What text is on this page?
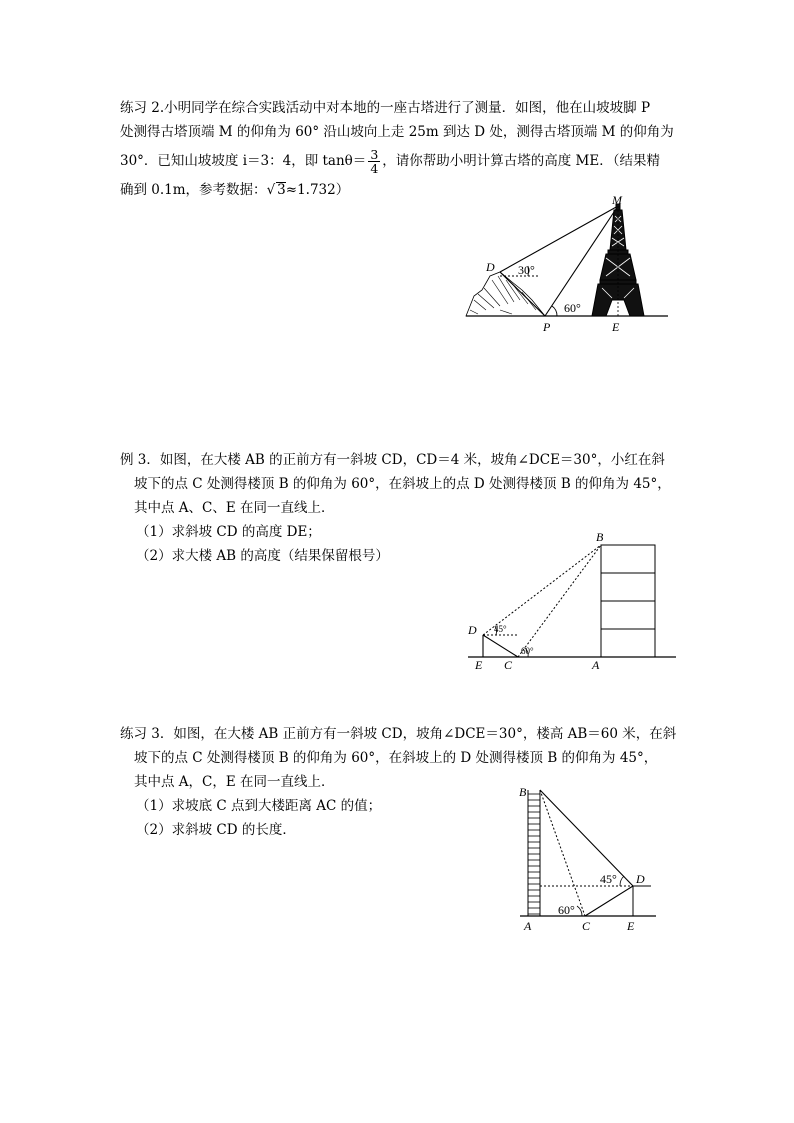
练习 2.小明同学在综合实践活动中对本地的一座古塔进行了测量．如图，他在山坡坡脚 P

处测得古塔顶端 M 的仰角为 60° 沿山坡向上走 25m 到达 D 处，测得古塔顶端 M 的仰角为

30°．已知山坡坡度 i＝3：4，即 $\tan\theta= \frac{3}{4}$ ，请你帮助小明计算古塔的高度 ME．（结果精

确到 0.1m，参考数据：√ 3≈1.732）

M
D
P	E
30°
60°

例 3．如图，在大楼 AB 的正前方有一斜坡 CD，CD＝4 米，坡角∠DCE＝30°，小红在斜

坡下的点 C 处测得楼顶 B 的仰角为 60°，在斜坡上的点 D 处测得楼顶 B 的仰角为 45°，

其中点 A、C、E 在同一直线上．

（1）求斜坡 CD 的高度 DE；

（2）求大楼 AB 的高度（结果保留根号）

B
D
E C	A
45°
60°

练习 3．如图，在大楼 AB 正前方有一斜坡 CD，坡角∠DCE＝30°，楼高 AB＝60 米，在斜

坡下的点 C 处测得楼顶 B 的仰角为 60°，在斜坡上的 D 处测得楼顶 B 的仰角为 45°，

其中点 A，C，E 在同一直线上．

（1）求坡底 C 点到大楼距离 AC 的值；

（2）求斜坡 CD 的长度．

B
A	C	E
D
45°
60°
